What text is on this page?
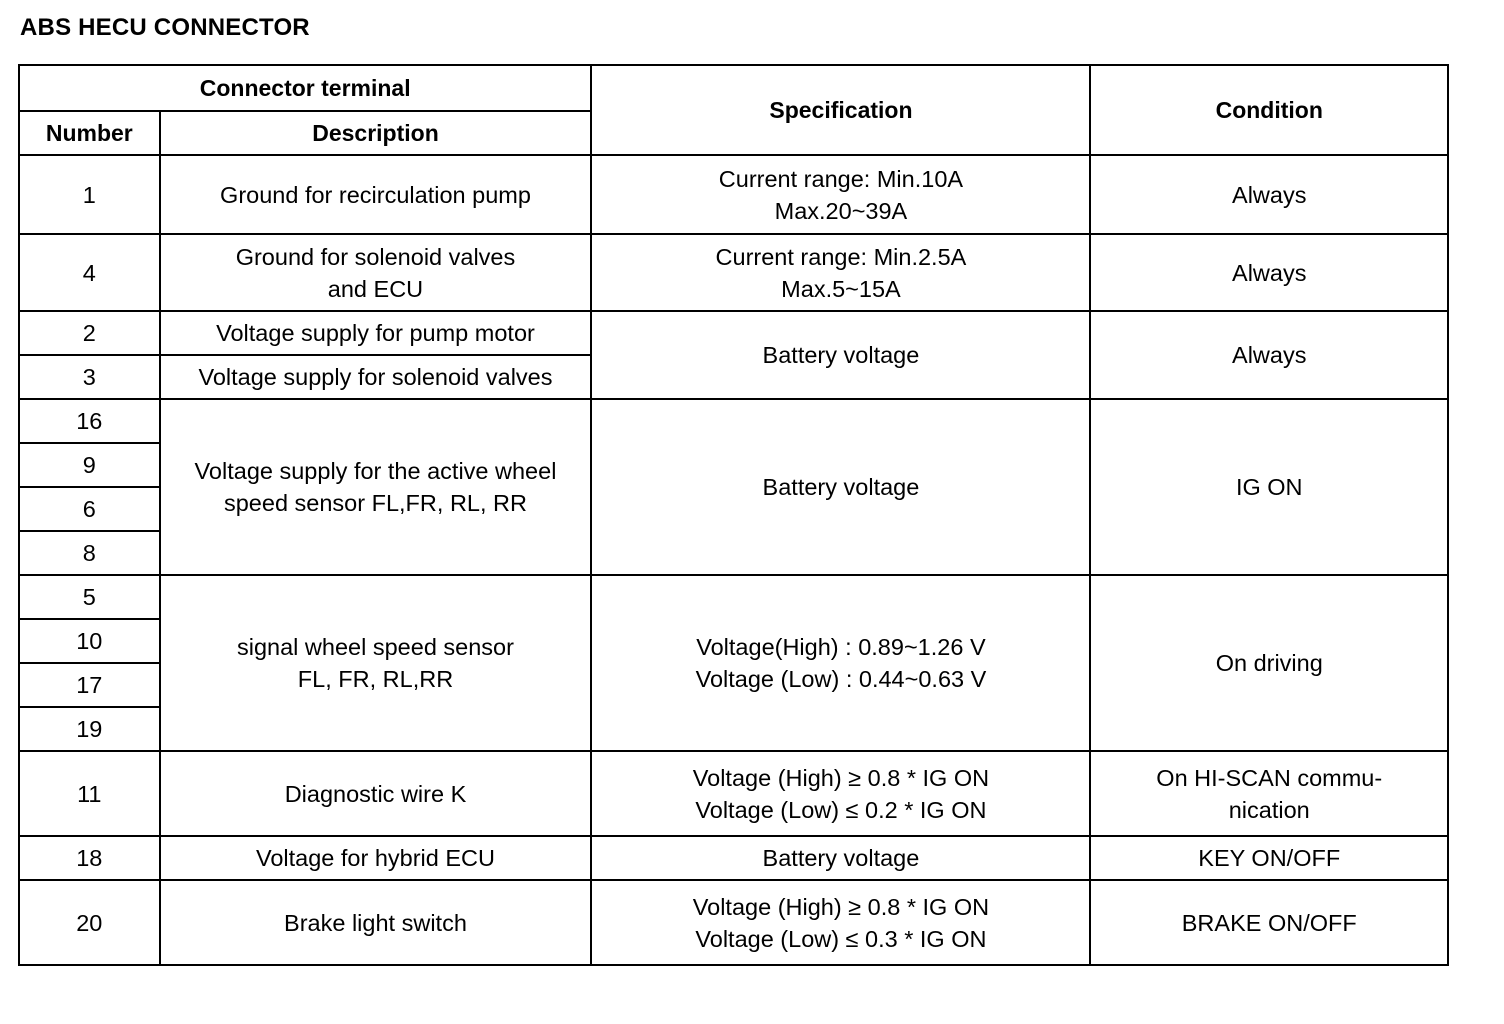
ABS HECU CONNECTOR
Connector terminal		Specification	Condition
Number	Description		
1	Ground for recirculation pump	Current range: Min.10A
Max.20~39A	Always

4	Ground for solenoid valves
and ECU	Current range: Min.2.5A
Max.5~15A	Always

2	Voltage supply for pump motor	Battery voltage	Always
3	Voltage supply for solenoid valves		
16	Voltage supply for the active wheel
speed sensor FL,FR, RL, RR	Battery voltage	IG ON
9			
6			
8			
5	signal wheel speed sensor
FL, FR, RL,RR	Voltage(High) : 0.89~1.26 V
Voltage (Low) : 0.44~0.63 V	On driving
10			
17			
19			
11	Diagnostic wire K	Voltage (High) ≥ 0.8 * IG ON
Voltage (Low) ≤ 0.2 * IG ON	On HI-SCAN commu-
nication

18	Voltage for hybrid ECU	Battery voltage	KEY ON/OFF
20	Brake light switch	Voltage (High) ≥ 0.8 * IG ON
Voltage (Low) ≤ 0.3 * IG ON	BRAKE ON/OFF
